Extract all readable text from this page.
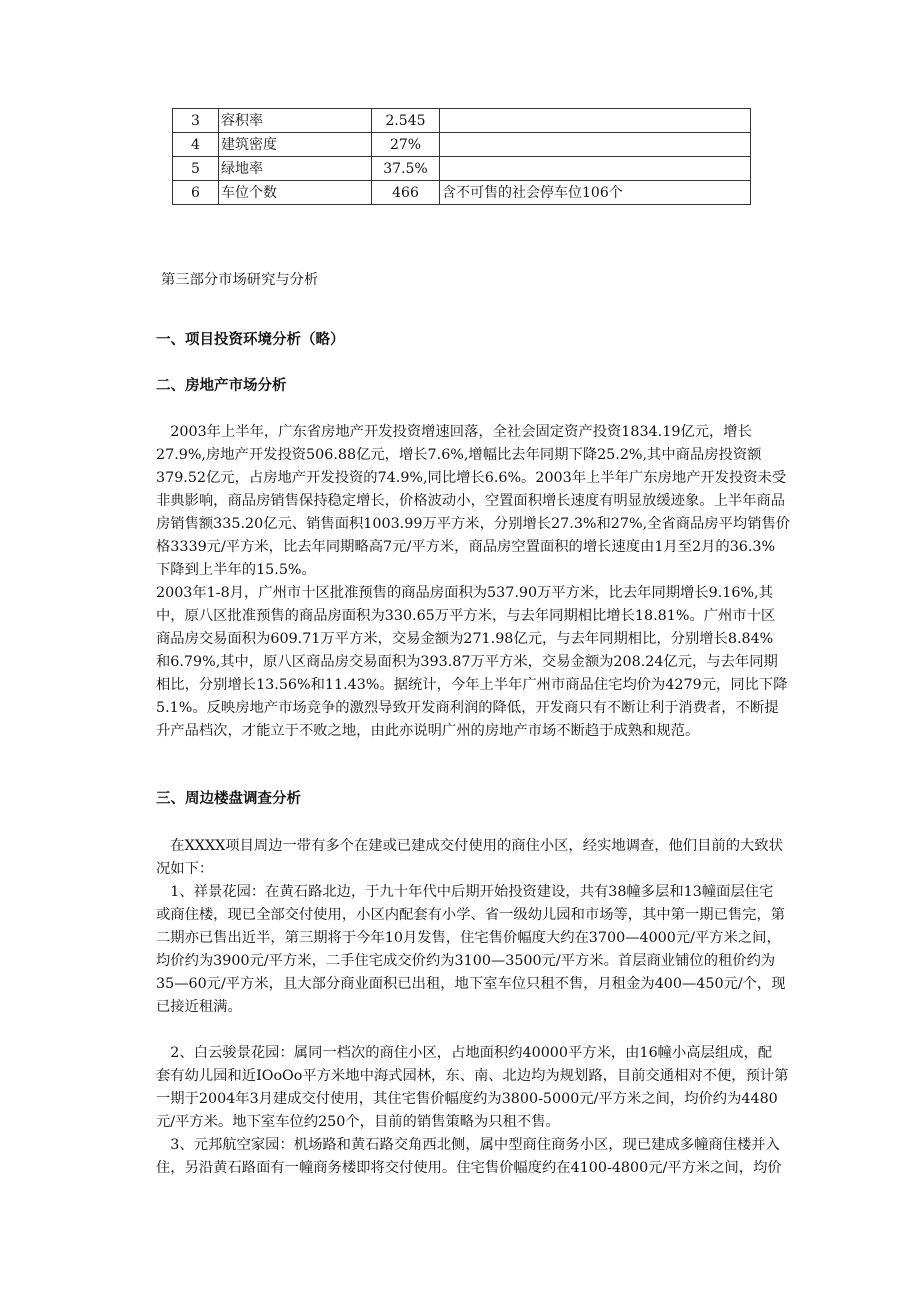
3	容积率	2.545	
4	建筑密度	27%	
5	绿地率	37.5%	
6	车位个数	466	含不可售的社会停车位106个
第三部分市场研究与分析
一、项目投资环境分析（略）
二、房地产市场分析
　2003年上半年，广东省房地产开发投资增速回落，全社会固定资产投资1834.19亿元，增长
27.9%,房地产开发投资506.88亿元，增长7.6%,增幅比去年同期下降25.2%,其中商品房投资额
379.52亿元，占房地产开发投资的74.9%,同比增长6.6%。2003年上半年广东房地产开发投资未受
非典影响，商品房销售保持稳定增长，价格波动小，空置面积增长速度有明显放缓迹象。上半年商品
房销售额335.20亿元、销售面积1003.99万平方米，分别增长27.3%和27%,全省商品房平均销售价
格3339元/平方米，比去年同期略高7元/平方米，商品房空置面积的增长速度由1月至2月的36.3%
下降到上半年的15.5%。
2003年1-8月，广州市十区批准预售的商品房面积为537.90万平方米，比去年同期增长9.16%,其
中，原八区批准预售的商品房面积为330.65万平方米，与去年同期相比增长18.81%。广州市十区
商品房交易面积为609.71万平方米，交易金额为271.98亿元，与去年同期相比，分别增长8.84%
和6.79%,其中，原八区商品房交易面积为393.87万平方米，交易金额为208.24亿元，与去年同期
相比，分别增长13.56%和11.43%。据统计，今年上半年广州市商品住宅均价为4279元，同比下降
5.1%。反映房地产市场竞争的激烈导致开发商利润的降低，开发商只有不断让利于消费者，不断提
升产品档次，才能立于不败之地，由此亦说明广州的房地产市场不断趋于成熟和规范。
三、周边楼盘调查分析
　在XXXX项目周边一带有多个在建或已建成交付使用的商住小区，经实地调查，他们目前的大致状
况如下：
　1、祥景花园：在黄石路北边，于九十年代中后期开始投资建设，共有38幢多层和13幢面层住宅
或商住楼，现已全部交付使用，小区内配套有小学、省一级幼儿园和市场等，其中第一期已售完，第
二期亦已售出近半，第三期将于今年10月发售，住宅售价幅度大约在3700—4000元/平方米之间，
均价约为3900元/平方米，二手住宅成交价约为3100—3500元/平方米。首层商业铺位的租价约为
35—60元/平方米，且大部分商业面积已出租，地下室车位只租不售，月租金为400—450元/个，现
已接近租满。
　2、白云骏景花园：属同一档次的商住小区，占地面积约40000平方米，由16幢小高层组成，配
套有幼儿园和近IOoOo平方米地中海式园林，东、南、北边均为规划路，目前交通相对不便，预计第
一期于2004年3月建成交付使用，其住宅售价幅度约为3800-5000元/平方米之间，均价约为4480
元/平方米。地下室车位约250个，目前的销售策略为只租不售。
　3、元邦航空家园：机场路和黄石路交角西北侧，属中型商住商务小区，现已建成多幢商住楼并入
住，另沿黄石路面有一幢商务楼即将交付使用。住宅售价幅度约在4100-4800元/平方米之间，均价
